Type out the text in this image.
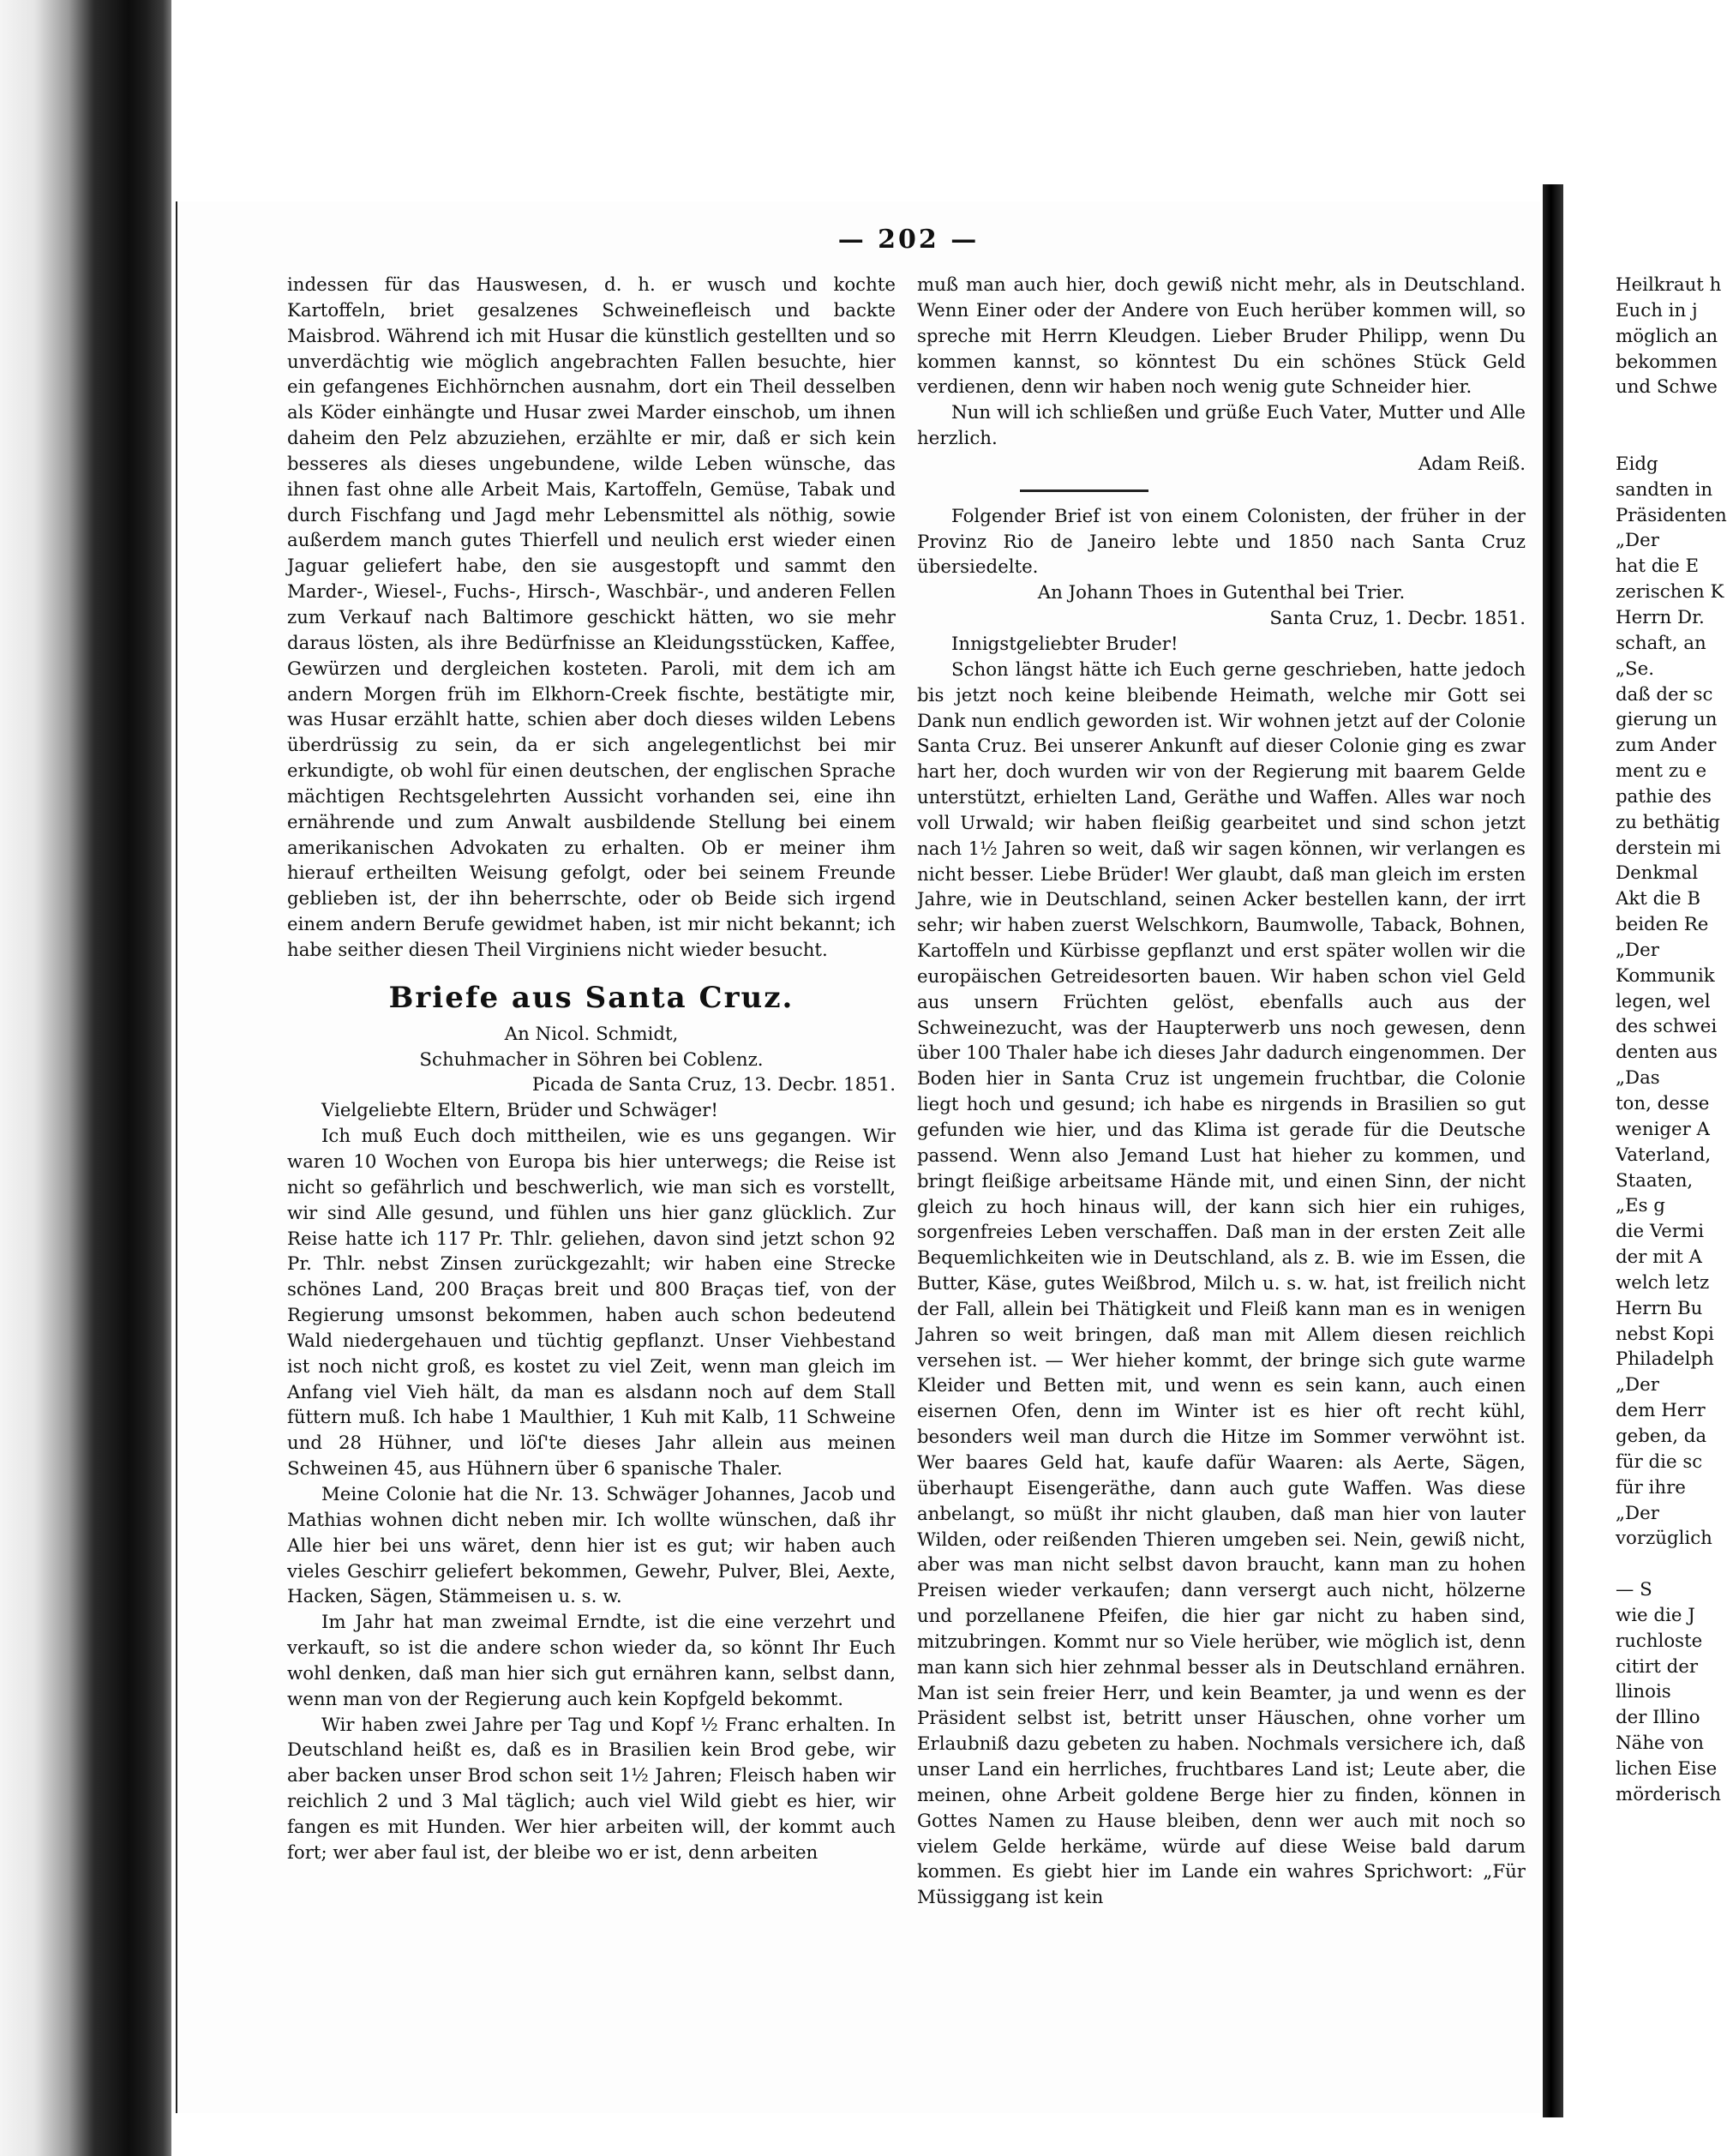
— 202 —

indessen für das Hauswesen, d. h. er wusch und kochte Kartoffeln, briet gesalzenes Schweinefleisch und backte Maisbrod. Während ich mit Husar die künstlich gestellten und so unverdächtig wie möglich angebrachten Fallen besuchte, hier ein gefangenes Eichhörnchen ausnahm, dort ein Theil desselben als Köder einhängte und Husar zwei Marder einschob, um ihnen daheim den Pelz abzuziehen, erzählte er mir, daß er sich kein besseres als dieses ungebundene, wilde Leben wünsche, das ihnen fast ohne alle Arbeit Mais, Kartoffeln, Gemüse, Tabak und durch Fischfang und Jagd mehr Lebensmittel als nöthig, sowie außerdem manch gutes Thierfell und neulich erst wieder einen Jaguar geliefert habe, den sie ausgestopft und sammt den Marder-, Wiesel-, Fuchs-, Hirsch-, Waschbär-, und anderen Fellen zum Verkauf nach Baltimore geschickt hätten, wo sie mehr daraus lösten, als ihre Bedürfnisse an Kleidungsstücken, Kaffee, Gewürzen und dergleichen kosteten. Paroli, mit dem ich am andern Morgen früh im Elkhorn-Creek fischte, bestätigte mir, was Husar erzählt hatte, schien aber doch dieses wilden Lebens überdrüssig zu sein, da er sich angelegentlichst bei mir erkundigte, ob wohl für einen deutschen, der englischen Sprache mächtigen Rechtsgelehrten Aussicht vorhanden sei, eine ihn ernährende und zum Anwalt ausbildende Stellung bei einem amerikanischen Advokaten zu erhalten. Ob er meiner ihm hierauf ertheilten Weisung gefolgt, oder bei seinem Freunde geblieben ist, der ihn beherrschte, oder ob Beide sich irgend einem andern Berufe gewidmet haben, ist mir nicht bekannt; ich habe seither diesen Theil Virginiens nicht wieder besucht.

Briefe aus Santa Cruz.

An Nicol. Schmidt,

Schuhmacher in Söhren bei Coblenz.

Picada de Santa Cruz, 13. Decbr. 1851.

Vielgeliebte Eltern, Brüder und Schwäger!

Ich muß Euch doch mittheilen, wie es uns gegangen. Wir waren 10 Wochen von Europa bis hier unterwegs; die Reise ist nicht so gefährlich und beschwerlich, wie man sich es vorstellt, wir sind Alle gesund, und fühlen uns hier ganz glücklich. Zur Reise hatte ich 117 Pr. Thlr. geliehen, davon sind jetzt schon 92 Pr. Thlr. nebst Zinsen zurückgezahlt; wir haben eine Strecke schönes Land, 200 Braças breit und 800 Braças tief, von der Regierung umsonst bekommen, haben auch schon bedeutend Wald niedergehauen und tüchtig gepflanzt. Unser Viehbestand ist noch nicht groß, es kostet zu viel Zeit, wenn man gleich im Anfang viel Vieh hält, da man es alsdann noch auf dem Stall füttern muß. Ich habe 1 Maulthier, 1 Kuh mit Kalb, 11 Schweine und 28 Hühner, und löſ'te dieses Jahr allein aus meinen Schweinen 45, aus Hühnern über 6 spanische Thaler.

Meine Colonie hat die Nr. 13. Schwäger Johannes, Jacob und Mathias wohnen dicht neben mir. Ich wollte wünschen, daß ihr Alle hier bei uns wäret, denn hier ist es gut; wir haben auch vieles Geschirr geliefert bekommen, Gewehr, Pulver, Blei, Aexte, Hacken, Sägen, Stämmeisen u. s. w.

Im Jahr hat man zweimal Erndte, ist die eine verzehrt und verkauft, so ist die andere schon wieder da, so könnt Ihr Euch wohl denken, daß man hier sich gut ernähren kann, selbst dann, wenn man von der Regierung auch kein Kopfgeld bekommt.

Wir haben zwei Jahre per Tag und Kopf ½ Franc erhalten. In Deutschland heißt es, daß es in Brasilien kein Brod gebe, wir aber backen unser Brod schon seit 1½ Jahren; Fleisch haben wir reichlich 2 und 3 Mal täglich; auch viel Wild giebt es hier, wir fangen es mit Hunden. Wer hier arbeiten will, der kommt auch fort; wer aber faul ist, der bleibe wo er ist, denn arbeiten

muß man auch hier, doch gewiß nicht mehr, als in Deutschland. Wenn Einer oder der Andere von Euch herüber kommen will, so spreche mit Herrn Kleudgen. Lieber Bruder Philipp, wenn Du kommen kannst, so könntest Du ein schönes Stück Geld verdienen, denn wir haben noch wenig gute Schneider hier.

Nun will ich schließen und grüße Euch Vater, Mutter und Alle herzlich.

Adam Reiß.

Folgender Brief ist von einem Colonisten, der früher in der Provinz Rio de Janeiro lebte und 1850 nach Santa Cruz übersiedelte.

An Johann Thoes in Gutenthal bei Trier.

Santa Cruz, 1. Decbr. 1851.

Innigstgeliebter Bruder!

Schon längst hätte ich Euch gerne geschrieben, hatte jedoch bis jetzt noch keine bleibende Heimath, welche mir Gott sei Dank nun endlich geworden ist. Wir wohnen jetzt auf der Colonie Santa Cruz. Bei unserer Ankunft auf dieser Colonie ging es zwar hart her, doch wurden wir von der Regierung mit baarem Gelde unterstützt, erhielten Land, Geräthe und Waffen. Alles war noch voll Urwald; wir haben fleißig gearbeitet und sind schon jetzt nach 1½ Jahren so weit, daß wir sagen können, wir verlangen es nicht besser. Liebe Brüder! Wer glaubt, daß man gleich im ersten Jahre, wie in Deutschland, seinen Acker bestellen kann, der irrt sehr; wir haben zuerst Welschkorn, Baumwolle, Taback, Bohnen, Kartoffeln und Kürbisse gepflanzt und erst später wollen wir die europäischen Getreidesorten bauen. Wir haben schon viel Geld aus unsern Früchten gelöst, ebenfalls auch aus der Schweinezucht, was der Haupterwerb uns noch gewesen, denn über 100 Thaler habe ich dieses Jahr dadurch eingenommen. Der Boden hier in Santa Cruz ist ungemein fruchtbar, die Colonie liegt hoch und gesund; ich habe es nirgends in Brasilien so gut gefunden wie hier, und das Klima ist gerade für die Deutsche passend. Wenn also Jemand Lust hat hieher zu kommen, und bringt fleißige arbeitsame Hände mit, und einen Sinn, der nicht gleich zu hoch hinaus will, der kann sich hier ein ruhiges, sorgenfreies Leben verschaffen. Daß man in der ersten Zeit alle Bequemlichkeiten wie in Deutschland, als z. B. wie im Essen, die Butter, Käse, gutes Weißbrod, Milch u. s. w. hat, ist freilich nicht der Fall, allein bei Thätigkeit und Fleiß kann man es in wenigen Jahren so weit bringen, daß man mit Allem diesen reichlich versehen ist. — Wer hieher kommt, der bringe sich gute warme Kleider und Betten mit, und wenn es sein kann, auch einen eisernen Ofen, denn im Winter ist es hier oft recht kühl, besonders weil man durch die Hitze im Sommer verwöhnt ist. Wer baares Geld hat, kaufe dafür Waaren: als Aerte, Sägen, überhaupt Eisengeräthe, dann auch gute Waffen. Was diese anbelangt, so müßt ihr nicht glauben, daß man hier von lauter Wilden, oder reißenden Thieren umgeben sei. Nein, gewiß nicht, aber was man nicht selbst davon braucht, kann man zu hohen Preisen wieder verkaufen; dann versergt auch nicht, hölzerne und porzellanene Pfeifen, die hier gar nicht zu haben sind, mitzubringen. Kommt nur so Viele herüber, wie möglich ist, denn man kann sich hier zehnmal besser als in Deutschland ernähren. Man ist sein freier Herr, und kein Beamter, ja und wenn es der Präsident selbst ist, betritt unser Häuschen, ohne vorher um Erlaubniß dazu gebeten zu haben. Nochmals versichere ich, daß unser Land ein herrliches, fruchtbares Land ist; Leute aber, die meinen, ohne Arbeit goldene Berge hier zu finden, können in Gottes Namen zu Hause bleiben, denn wer auch mit noch so vielem Gelde herkäme, würde auf diese Weise bald darum kommen. Es giebt hier im Lande ein wahres Sprichwort: „Für Müssiggang ist kein

Heilkraut h

Euch in j

möglich an

bekommen

und Schwe

Eidg

sandten in

Präsidenten

„Der

hat die E

zerischen K

Herrn Dr.

schaft, an

„Se.

daß der sc

gierung un

zum Ander

ment zu e

pathie des

zu bethätig

derstein mi

Denkmal

Akt die B

beiden Re

„Der

Kommunik

legen, wel

des schwei

denten aus

„Das

ton, desse

weniger A

Vaterland,

Staaten,

„Es g

die Vermi

der mit A

welch letz

Herrn Bu

nebst Kopi

Philadelph

„Der

dem Herr

geben, da

für die sc

für ihre

„Der

vorzüglich

— S

wie die J

ruchloste

citirt der

llinois

der Illino

Nähe von

lichen Eise

mörderisch
